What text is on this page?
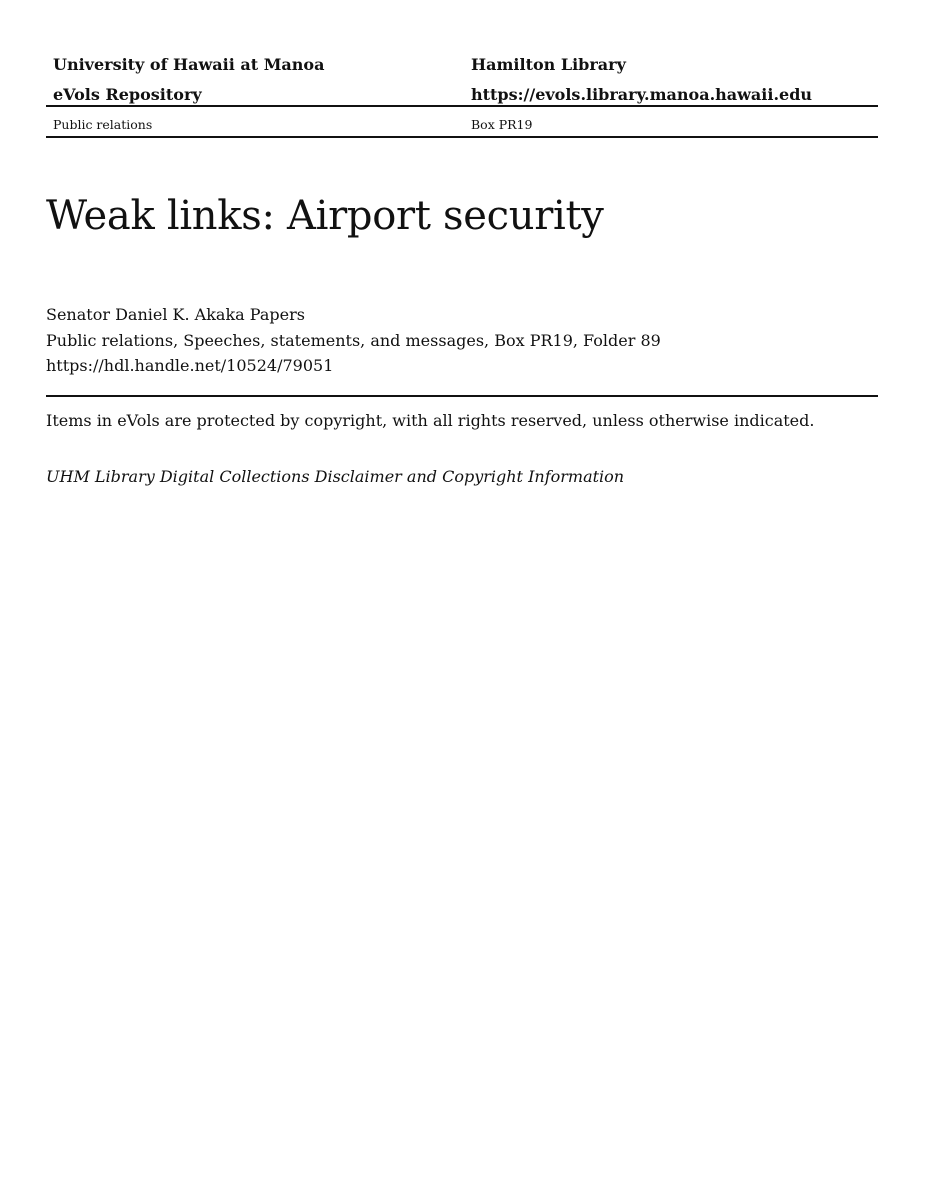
University of Hawaii at Manoa	Hamilton Library
eVols Repository	https://evols.library.manoa.hawaii.edu
Public relations	Box PR19
Weak links: Airport security
Senator Daniel K. Akaka Papers
Public relations, Speeches, statements, and messages, Box PR19, Folder 89
https://hdl.handle.net/10524/79051
Items in eVols are protected by copyright, with all rights reserved, unless otherwise indicated.
UHM Library Digital Collections Disclaimer and Copyright Information
